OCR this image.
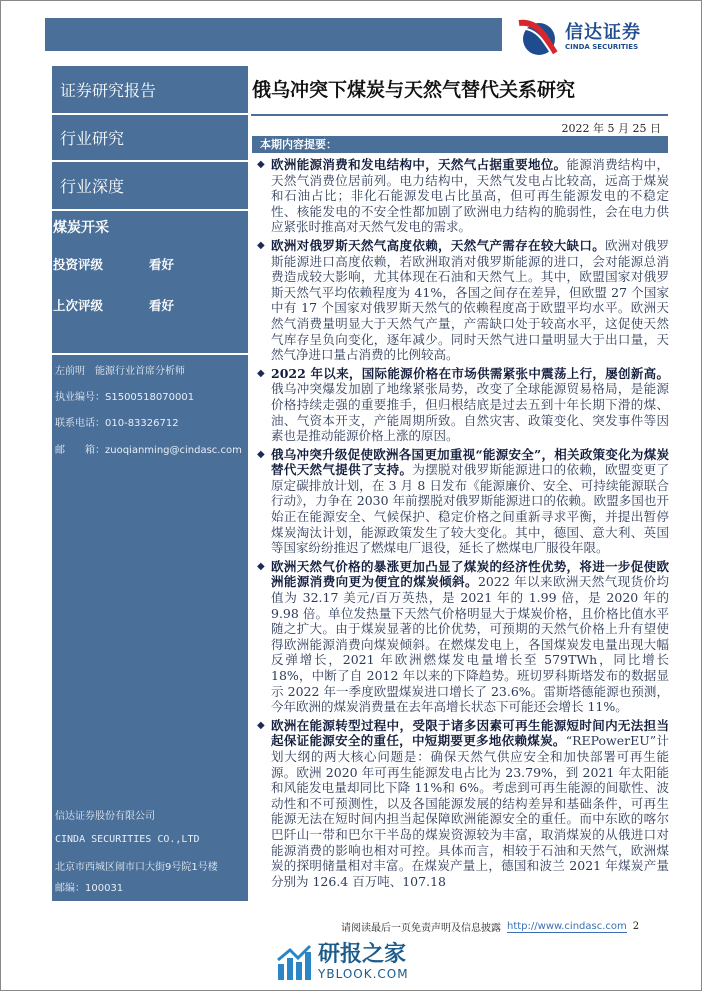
信达证券
CINDA SECURITIES
证券研究报告
行业研究
行业深度
煤炭开采
投资评级	看好
上次评级	看好
左前明　能源行业首席分析师
执业编号：S1500518070001
联系电话：010-83326712
邮　　箱：zuoqianming@cindasc.com
信达证券股份有限公司
CINDA SECURITIES CO.,LTD
北京市西城区闹市口大街9号院1号楼
邮编：100031
俄乌冲突下煤炭与天然气替代关系研究
2022 年 5 月 25 日
本期内容提要：
◆ 欧洲能源消费和发电结构中，天然气占据重要地位。能源消费结构中，天然气消费位居前列。电力结构中，天然气发电占比较高，远高于煤炭和石油占比；非化石能源发电占比虽高，但可再生能源发电的不稳定性、核能发电的不安全性都加剧了欧洲电力结构的脆弱性，会在电力供应紧张时推高对天然气发电的需求。
◆ 欧洲对俄罗斯天然气高度依赖，天然气产需存在较大缺口。欧洲对俄罗斯能源进口高度依赖，若欧洲取消对俄罗斯能源的进口，会对能源总消费造成较大影响，尤其体现在石油和天然气上。其中，欧盟国家对俄罗斯天然气平均依赖程度为 41%，各国之间存在差异，但欧盟 27 个国家中有 17 个国家对俄罗斯天然气的依赖程度高于欧盟平均水平。欧洲天然气消费量明显大于天然气产量，产需缺口处于较高水平，这促使天然气库存呈负向变化，逐年减少。同时天然气进口量明显大于出口量，天然气净进口量占消费的比例较高。
◆ 2022 年以来，国际能源价格在市场供需紧张中震荡上行，屡创新高。俄乌冲突爆发加剧了地缘紧张局势，改变了全球能源贸易格局，是能源价格持续走强的重要推手，但归根结底是过去五到十年长期下滑的煤、油、气资本开支，产能周期所致。自然灾害、政策变化、突发事件等因素也是推动能源价格上涨的原因。
◆ 俄乌冲突升级促使欧洲各国更加重视“能源安全”，相关政策变化为煤炭替代天然气提供了支持。为摆脱对俄罗斯能源进口的依赖，欧盟变更了原定碳排放计划，在 3 月 8 日发布《能源廉价、安全、可持续能源联合行动》，力争在 2030 年前摆脱对俄罗斯能源进口的依赖。欧盟多国也开始正在能源安全、气候保护、稳定价格之间重新寻求平衡，并提出暂停煤炭淘汰计划，能源政策发生了较大变化。其中，德国、意大利、英国等国家纷纷推迟了燃煤电厂退役，延长了燃煤电厂服役年限。
◆ 欧洲天然气价格的暴涨更加凸显了煤炭的经济性优势，将进一步促使欧洲能源消费向更为便宜的煤炭倾斜。2022 年以来欧洲天然气现货价均值为 32.17 美元/百万英热，是 2021 年的 1.99 倍，是 2020 年的 9.98 倍。单位发热量下天然气价格明显大于煤炭价格，且价格比值水平随之扩大。由于煤炭显著的比价优势，可预期的天然气价格上升有望使得欧洲能源消费向煤炭倾斜。在燃煤发电上，各国煤炭发电量出现大幅反弹增长，2021 年欧洲燃煤发电量增长至 579TWh，同比增长 18%，中断了自 2012 年以来的下降趋势。班切罗科斯塔发布的数据显示 2022 年一季度欧盟煤炭进口增长了 23.6%。雷斯塔德能源也预测，今年欧洲的煤炭消费量在去年高增长状态下可能还会增长 11%。
◆ 欧洲在能源转型过程中，受限于诸多因素可再生能源短时间内无法担当起保证能源安全的重任，中短期要更多地依赖煤炭。“REPowerEU”计划大纲的两大核心问题是：确保天然气供应安全和加快部署可再生能源。欧洲 2020 年可再生能源发电占比为 23.79%，到 2021 年太阳能和风能发电量却同比下降 11%和 6%。考虑到可再生能源的间歇性、波动性和不可预测性，以及各国能源发展的结构差异和基础条件，可再生能源无法在短时间内担当起保障欧洲能源安全的重任。而中东欧的喀尔巴阡山一带和巴尔干半岛的煤炭资源较为丰富，取消煤炭的从俄进口对能源消费的影响也相对可控。具体而言，相较于石油和天然气，欧洲煤炭的探明储量相对丰富。在煤炭产量上，德国和波兰 2021 年煤炭产量分别为 126.4 百万吨、107.18
请阅读最后一页免责声明及信息披露 http://www.cindasc.com 2
研报之家
YBLOOK.COM
